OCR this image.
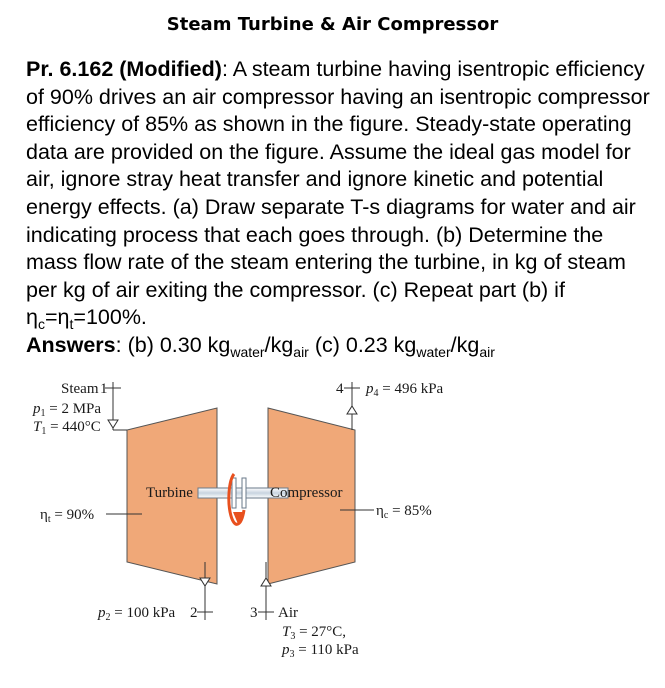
Steam Turbine & Air Compressor
Pr. 6.162 (Modified): A steam turbine having isentropic efficiency of 90% drives an air compressor having an isentropic compressor efficiency of 85% as shown in the figure. Steady-state operating data are provided on the figure. Assume the ideal gas model for air, ignore stray heat transfer and ignore kinetic and potential energy effects. (a) Draw separate T-s diagrams for water and air indicating process that each goes through. (b) Determine the mass flow rate of the steam entering the turbine, in kg of steam per kg of air exiting the compressor. (c) Repeat part (b) if $\eta_c=\eta_t=100\%$.
Answers: (b) 0.30 $kg_{water}/kg_{air}$ (c) 0.23 $kg_{water}/kg_{air}$
Turbine	Compressor
Steam 1
$p_1 = 2$ MPa
$T_1 = 440^\circ C$
$\eta_t = 90\%$
$p_2 = 100$ kPa 2	3 Air
$T_3 = 27^\circ C$,
$p_3 = 110$ kPa
4 $p_4 = 496$ kPa
$\eta_c = 85\%$
